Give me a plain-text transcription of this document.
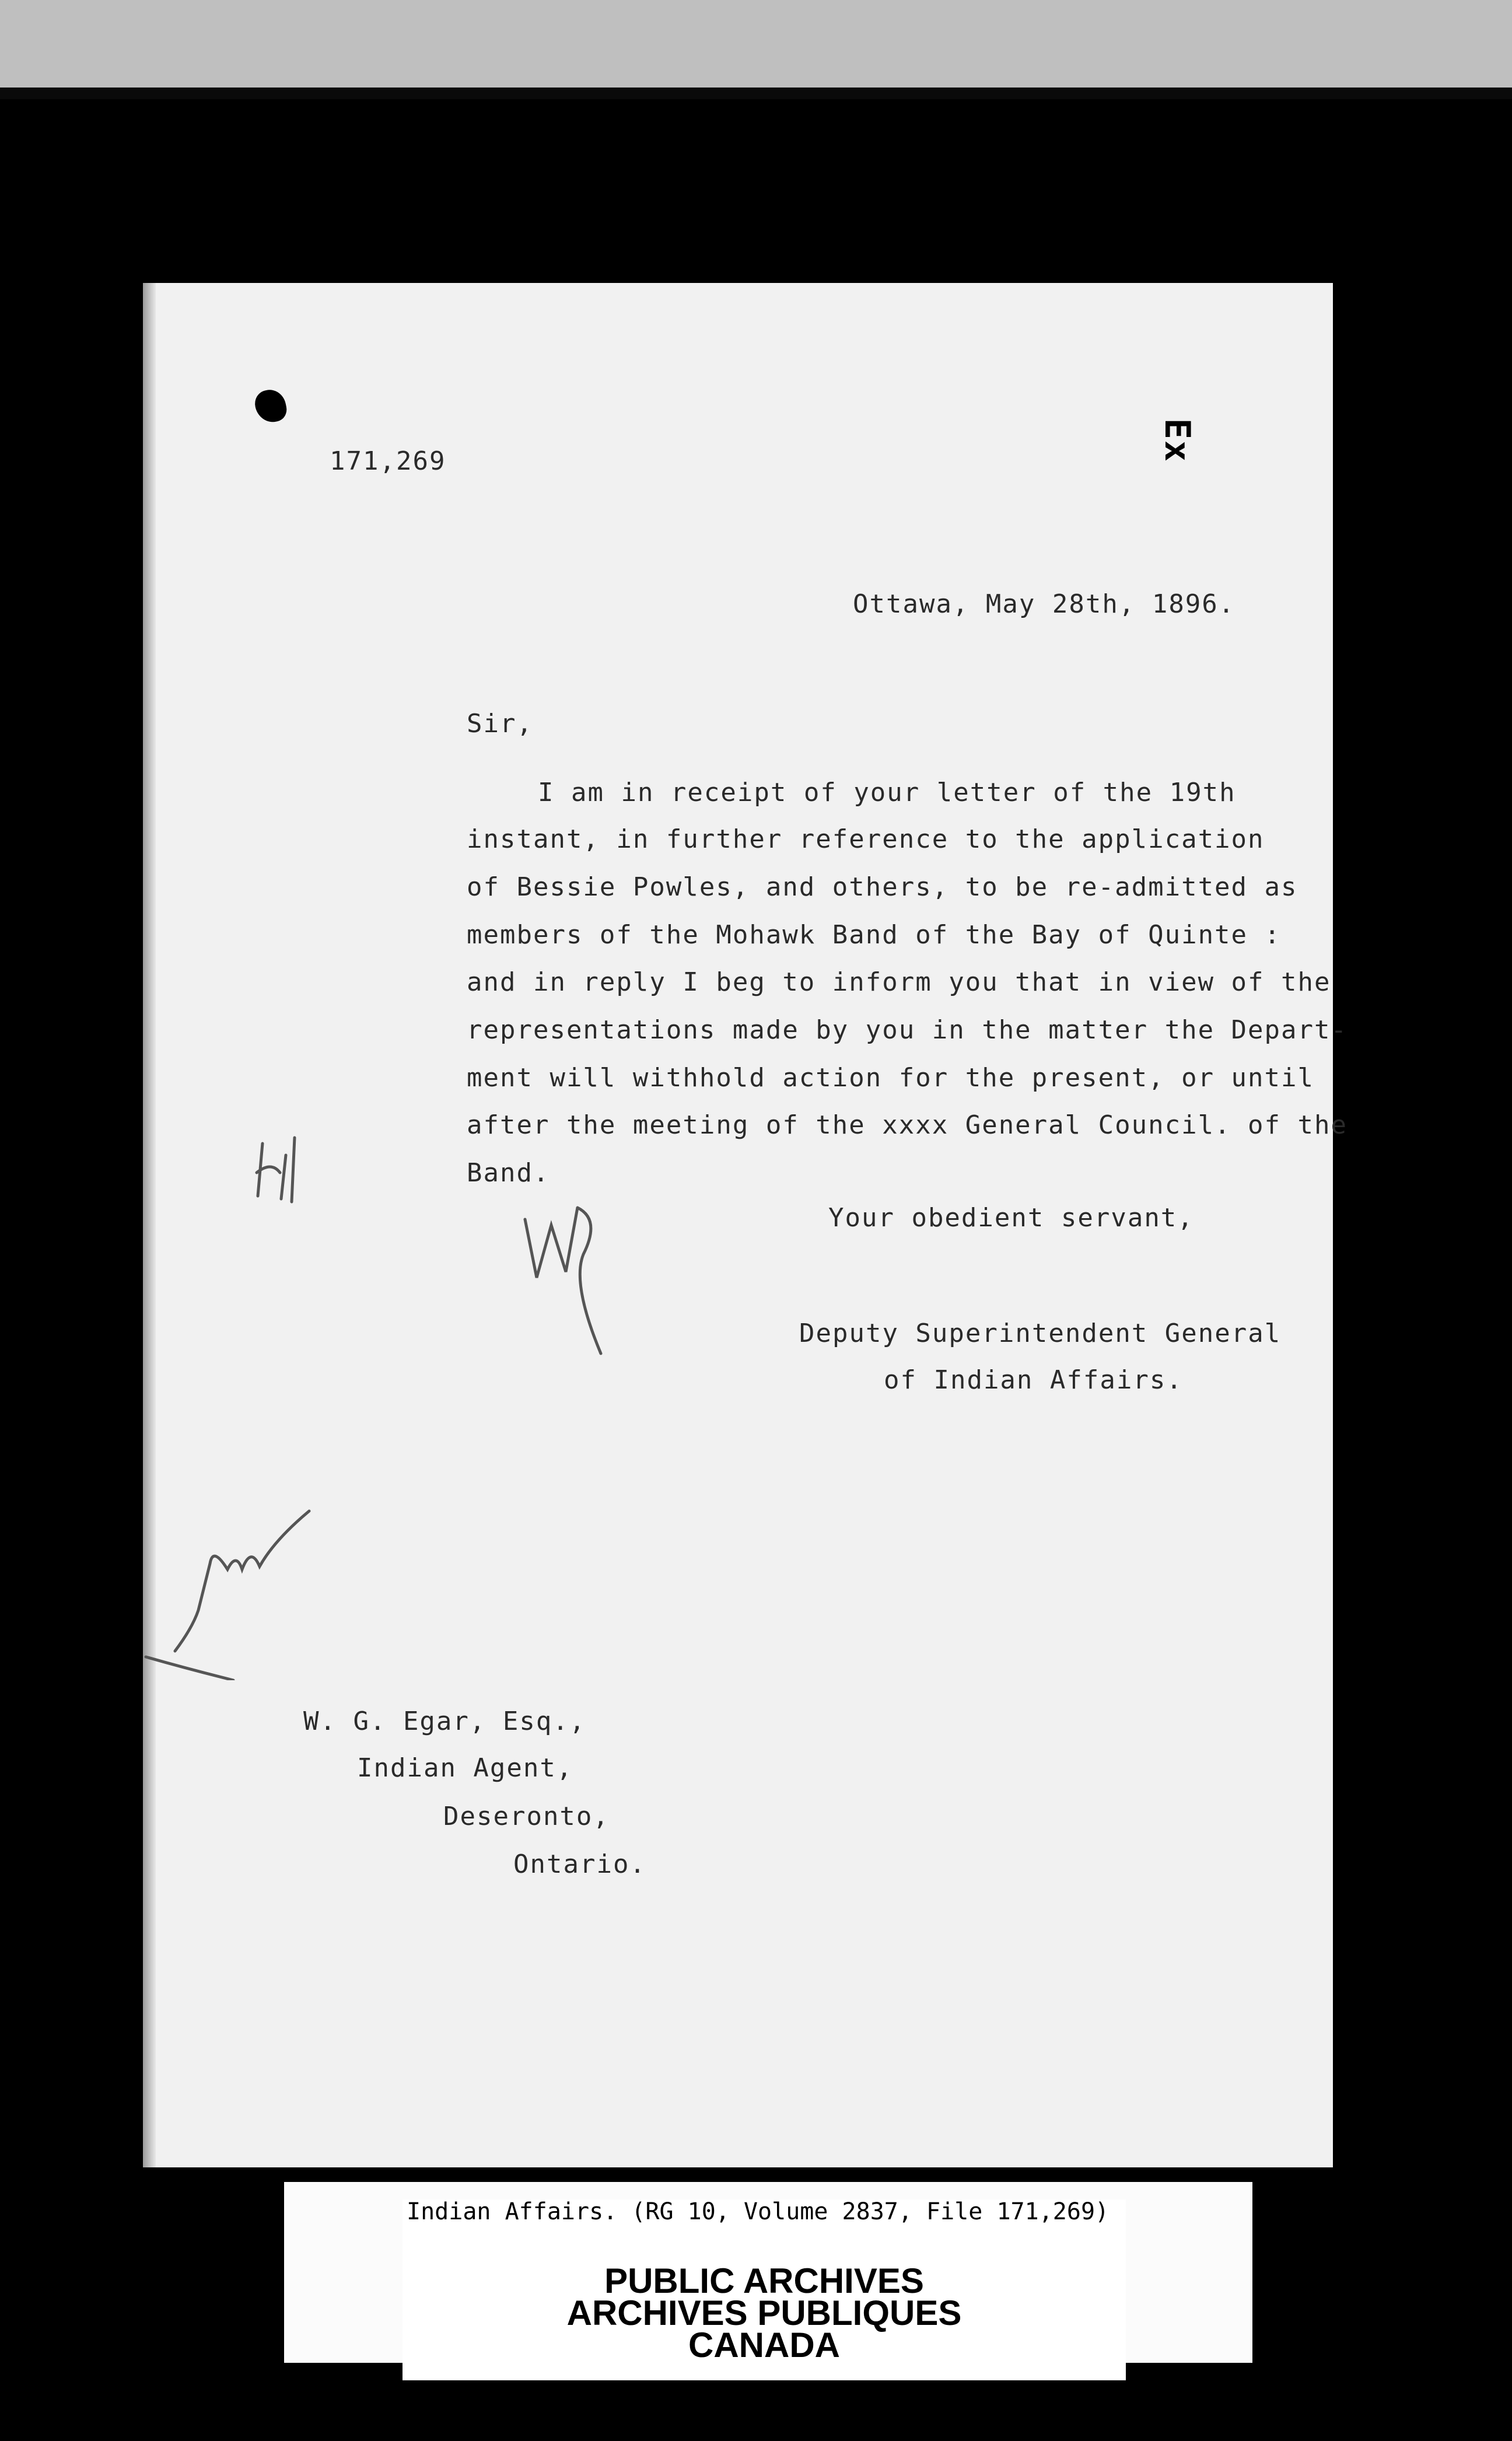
171,269	Ex
Ottawa, May 28th, 1896.
Sir,
I am in receipt of your letter of the 19th
instant, in further reference to the application
of Bessie Powles, and others, to be re-admitted as
members of the Mohawk Band of the Bay of Quinte :
and in reply I beg to inform you that in view of the
representations made by you in the matter the Depart-
ment will withhold action for the present, or until
after the meeting of the xxxx General Council. of the
Band.
Your obedient servant,
Deputy Superintendent General
of Indian Affairs.
W. G. Egar, Esq.,
Indian Agent,
Deseronto,
Ontario.
Indian Affairs. (RG 10, Volume 2837, File 171,269)
PUBLIC ARCHIVES
ARCHIVES PUBLIQUES
CANADA
